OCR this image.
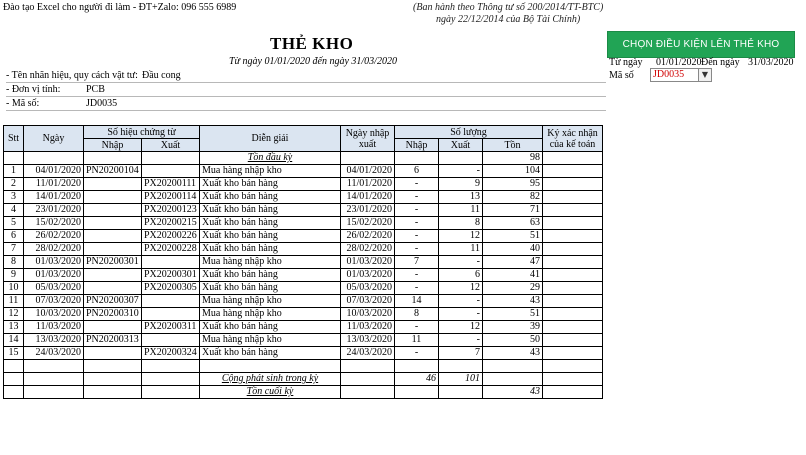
Đào tạo Excel cho người đi làm - ĐT+Zalo: 096 555 6989	(Ban hành theo Thông tư số 200/2014/TT-BTC)
ngày 22/12/2014 của Bộ Tài Chính)
THẺ KHO
Từ ngày 01/01/2020 đến ngày 31/03/2020
- Tên nhãn hiệu, quy cách vật tư: Đầu cong
- Đơn vị tính:	PCB
- Mã số:	JD0035
CHỌN ĐIỀU KIỆN LÊN THẺ KHO
Từ ngày 01/01/2020 Đến ngày 31/03/2020
Mã số	JD0035	▼
Stt	Ngày	Số hiệu chứng từ		Diễn giải	Ngày nhập xuất	Số lượng			Ký xác nhận của kế toán
		Nhập	Xuất			Nhập	Xuất	Tồn	
				Tồn đầu kỳ				98	
1	04/01/2020	PN20200104		Mua hàng nhập kho	04/01/2020	6	-	104	
2	11/01/2020		PX20200111	Xuất kho bán hàng	11/01/2020	-	9	95	
3	14/01/2020		PX20200114	Xuất kho bán hàng	14/01/2020	-	13	82	
4	23/01/2020		PX20200123	Xuất kho bán hàng	23/01/2020	-	11	71	
5	15/02/2020		PX20200215	Xuất kho bán hàng	15/02/2020	-	8	63	
6	26/02/2020		PX20200226	Xuất kho bán hàng	26/02/2020	-	12	51	
7	28/02/2020		PX20200228	Xuất kho bán hàng	28/02/2020	-	11	40	
8	01/03/2020	PN20200301		Mua hàng nhập kho	01/03/2020	7	-	47	
9	01/03/2020		PX20200301	Xuất kho bán hàng	01/03/2020	-	6	41	
10	05/03/2020		PX20200305	Xuất kho bán hàng	05/03/2020	-	12	29	
11	07/03/2020	PN20200307		Mua hàng nhập kho	07/03/2020	14	-	43	
12	10/03/2020	PN20200310		Mua hàng nhập kho	10/03/2020	8	-	51	
13	11/03/2020		PX20200311	Xuất kho bán hàng	11/03/2020	-	12	39	
14	13/03/2020	PN20200313		Mua hàng nhập kho	13/03/2020	11	-	50	
15	24/03/2020		PX20200324	Xuất kho bán hàng	24/03/2020	-	7	43	

				Cộng phát sinh trong kỳ		46	101		
				Tồn cuối kỳ				43	
